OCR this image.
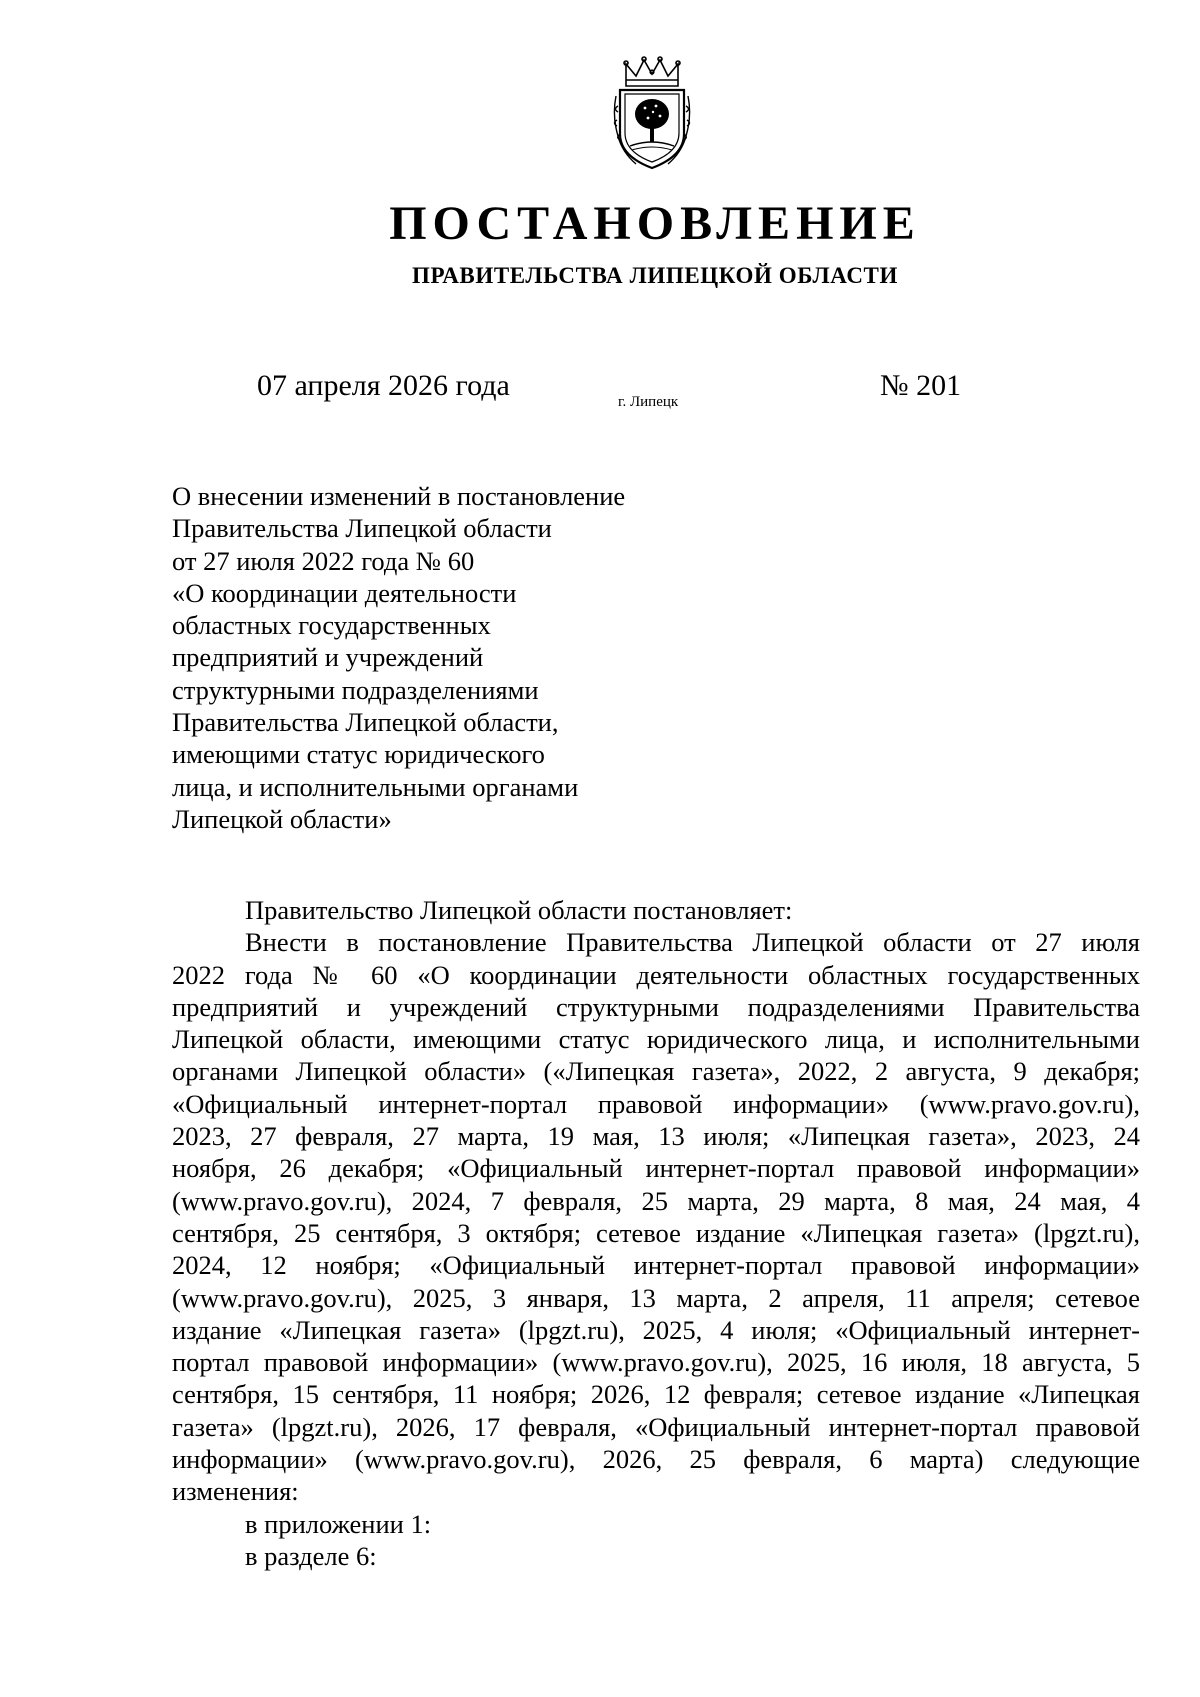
ПОСТАНОВЛЕНИЕ
ПРАВИТЕЛЬСТВА ЛИПЕЦКОЙ ОБЛАСТИ
07 апреля 2026 года	г. Липецк	№ 201
О внесении изменений в постановление
Правительства Липецкой области
от 27 июля 2022 года № 60
«О координации деятельности
областных государственных
предприятий и учреждений
структурными подразделениями
Правительства Липецкой области,
имеющими статус юридического
лица, и исполнительными органами
Липецкой области»
Правительство Липецкой области постановляет:
Внести в постановление Правительства Липецкой области от 27 июля
2022 года № 60 «О координации деятельности областных государственных
предприятий и учреждений структурными подразделениями Правительства
Липецкой области, имеющими статус юридического лица, и исполнительными
органами Липецкой области» («Липецкая газета», 2022, 2 августа, 9 декабря;
«Официальный интернет-портал правовой информации» (www.pravo.gov.ru),
2023, 27 февраля, 27 марта, 19 мая, 13 июля; «Липецкая газета», 2023, 24
ноября, 26 декабря; «Официальный интернет-портал правовой информации»
(www.pravo.gov.ru), 2024, 7 февраля, 25 марта, 29 марта, 8 мая, 24 мая, 4
сентября, 25 сентября, 3 октября; сетевое издание «Липецкая газета» (lpgzt.ru),
2024, 12 ноября; «Официальный интернет-портал правовой информации»
(www.pravo.gov.ru), 2025, 3 января, 13 марта, 2 апреля, 11 апреля; сетевое
издание «Липецкая газета» (lpgzt.ru), 2025, 4 июля; «Официальный интернет-
портал правовой информации» (www.pravo.gov.ru), 2025, 16 июля, 18 августа, 5
сентября, 15 сентября, 11 ноября; 2026, 12 февраля; сетевое издание «Липецкая
газета» (lpgzt.ru), 2026, 17 февраля, «Официальный интернет-портал правовой
информации» (www.pravo.gov.ru), 2026, 25 февраля, 6 марта) следующие
изменения:
в приложении 1:
в разделе 6:
